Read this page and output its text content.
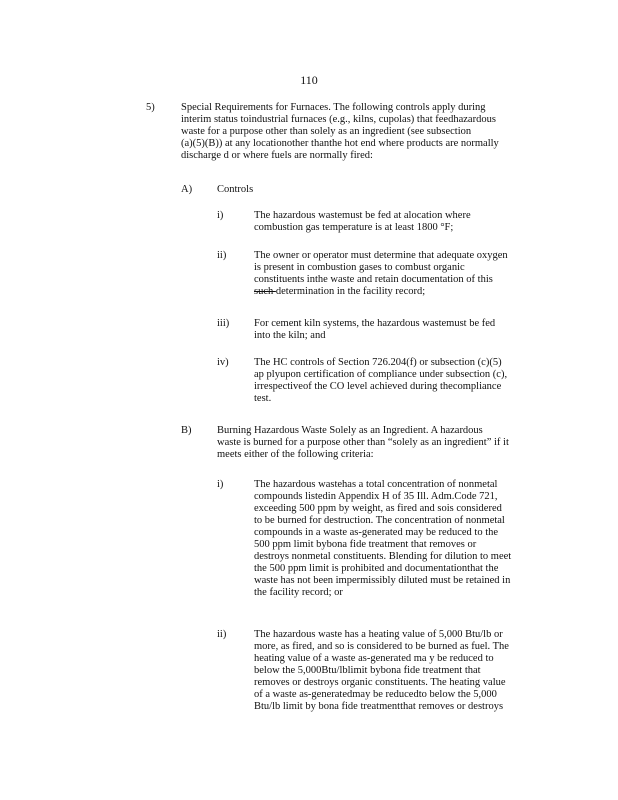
110
5)	Special Requirements for Furnaces. The following controls apply during
interim status toindustrial furnaces (e.g., kilns, cupolas) that feedhazardous
waste for a purpose other than solely as an ingredient (see subsection
(a)(5)(B)) at any locationother thanthe hot end where products are normally
discharge d or where fuels are normally fired:
A) Controls
i)	The hazardous wastemust be fed at alocation where
combustion gas temperature is at least 1800 °F;
ii)	The owner or operator must determine that adequate oxygen
is present in combustion gases to combust organic
constituents inthe waste and retain documentation of this
such determination in the facility record;
iii) For cement kiln systems, the hazardous wastemust be fed
into the kiln; and
iv) The HC controls of Section 726.204(f) or subsection (c)(5)
ap plyupon certification of compliance under subsection (c),
irrespectiveof the CO level achieved during thecompliance
test.
B) Burning Hazardous Waste Solely as an Ingredient. A hazardous
waste is burned for a purpose other than “solely as an ingredient” if it
meets either of the following criteria:
i)	The hazardous wastehas a total concentration of nonmetal
compounds listedin Appendix H of 35 Ill. Adm.Code 721,
exceeding 500 ppm by weight, as fired and sois considered
to be burned for destruction. The concentration of nonmetal
compounds in a waste as-generated may be reduced to the
500 ppm limit bybona fide treatment that removes or
destroys nonmetal constituents. Blending for dilution to meet
the 500 ppm limit is prohibited and documentationthat the
waste has not been impermissibly diluted must be retained in
the facility record; or
ii)	The hazardous waste has a heating value of 5,000 Btu/lb or
more, as fired, and so is considered to be burned as fuel. The
heating value of a waste as-generated ma y be reduced to
below the 5,000Btu/lblimit bybona fide treatment that
removes or destroys organic constituents. The heating value
of a waste as-generatedmay be reducedto below the 5,000
Btu/lb limit by bona fide treatmentthat removes or destroys
